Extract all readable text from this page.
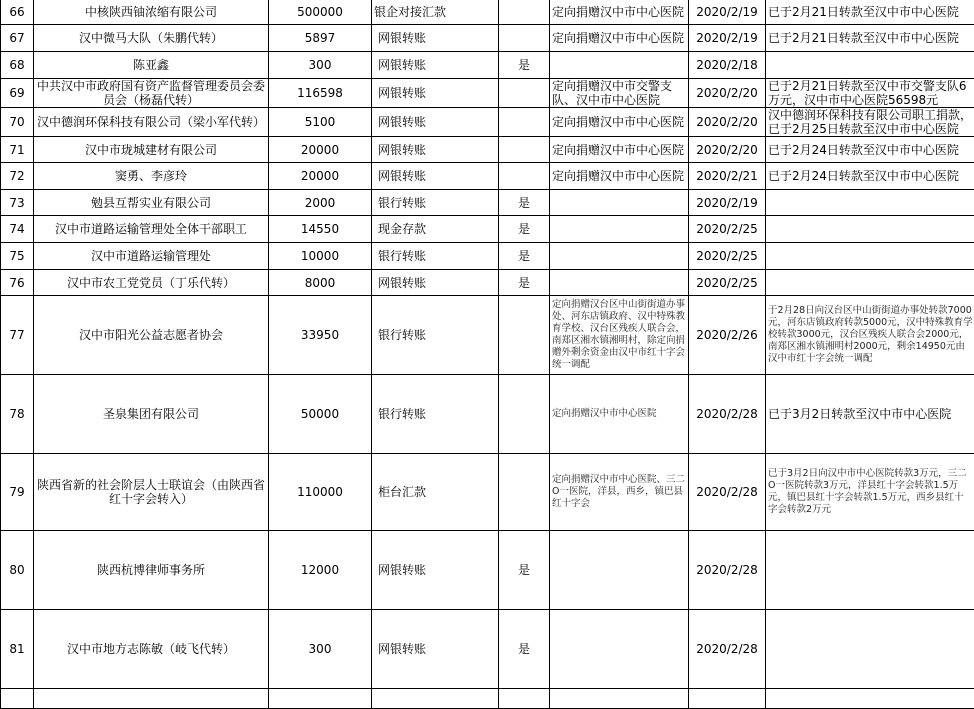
66	中核陕西铀浓缩有限公司	500000	银企对接汇款		定向捐赠汉中市中心医院	2020/2/19	已于2月21日转款至汉中市中心医院
67	汉中微马大队（朱鹏代转）	5897	网银转账		定向捐赠汉中市中心医院	2020/2/19	已于2月21日转款至汉中市中心医院
68	陈亚鑫	300	网银转账	是		2020/2/18	
69	中共汉中市政府国有资产监督管理委员会委员会（杨磊代转）	116598	网银转账		定向捐赠汉中市交警支队、汉中市中心医院	2020/2/20	已于2月21日转款至汉中市交警支队6万元，汉中市中心医院56598元
70	汉中德润环保科技有限公司（梁小军代转）	5100	网银转账		定向捐赠汉中市中心医院	2020/2/20	汉中德润环保科技有限公司职工捐款，已于2月25日转款至汉中市中心医院
71	汉中市珑城建材有限公司	20000	网银转账		定向捐赠汉中市中心医院	2020/2/20	已于2月24日转款至汉中市中心医院
72	窦勇、李彦玲	20000	网银转账		定向捐赠汉中市中心医院	2020/2/21	已于2月24日转款至汉中市中心医院
73	勉县互帮实业有限公司	2000	银行转账	是		2020/2/19	
74	汉中市道路运输管理处全体干部职工	14550	现金存款	是		2020/2/25	
75	汉中市道路运输管理处	10000	银行转账	是		2020/2/25	
76	汉中市农工党党员（丁乐代转）	8000	网银转账	是		2020/2/25	
77	汉中市阳光公益志愿者协会	33950	银行转账		定向捐赠汉台区中山街街道办事处、河东店镇政府、汉中特殊教育学校、汉台区残疾人联合会，南郑区湘水镇湘明村，除定向捐赠外剩余资金由汉中市红十字会统一调配	2020/2/26	于2月28日向汉台区中山街街道办事处转款7000元，河东店镇政府转款5000元，汉中特殊教育学校转款3000元，汉台区残疾人联合会2000元，南郑区湘水镇湘明村2000元，剩余14950元由汉中市红十字会统一调配
78	圣泉集团有限公司	50000	银行转账		定向捐赠汉中市中心医院	2020/2/28	已于3月2日转款至汉中市中心医院
79	陕西省新的社会阶层人士联谊会（由陕西省红十字会转入）	110000	柜台汇款		定向捐赠汉中市中心医院、三二O一医院，洋县，西乡，镇巴县红十字会	2020/2/28	已于3月2日向汉中市中心医院转款3万元，三二O一医院转款3万元，洋县红十字会转款1.5万元，镇巴县红十字会转款1.5万元，西乡县红十字会转款2万元
80	陕西杭博律师事务所	12000	网银转账	是		2020/2/28	
81	汉中市地方志陈敏（岐飞代转）	300	网银转账	是		2020/2/28	
